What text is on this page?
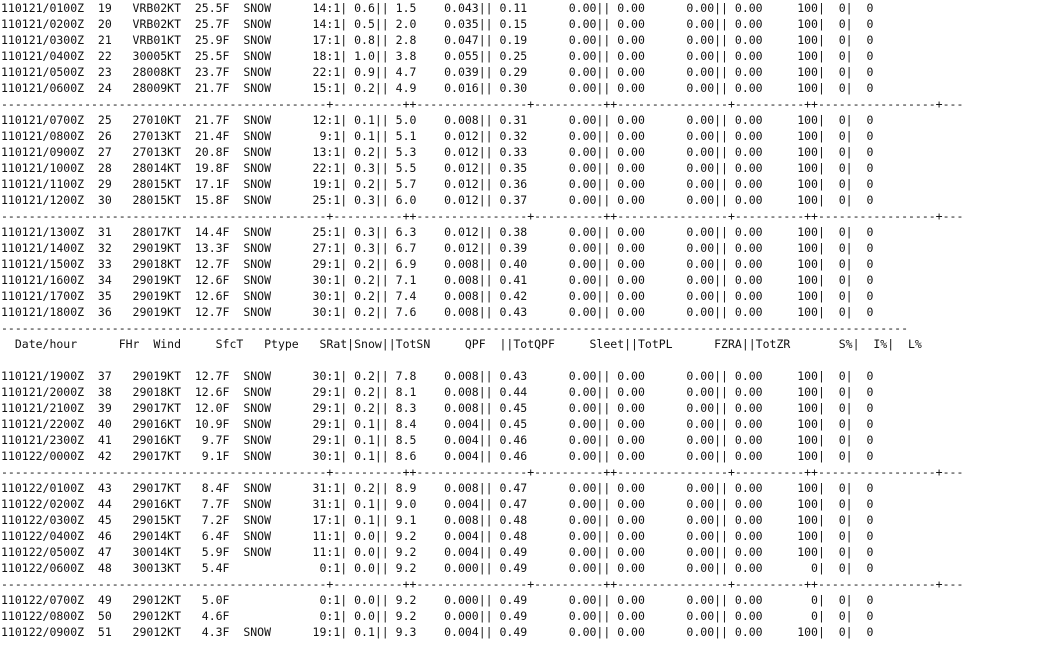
110121/0100Z  19   VRB02KT  25.5F  SNOW      14:1| 0.6|| 1.5    0.043|| 0.11      0.00|| 0.00      0.00|| 0.00     100|  0|  0
110121/0200Z  20   VRB02KT  25.7F  SNOW      14:1| 0.5|| 2.0    0.035|| 0.15      0.00|| 0.00      0.00|| 0.00     100|  0|  0
110121/0300Z  21   VRB01KT  25.9F  SNOW      17:1| 0.8|| 2.8    0.047|| 0.19      0.00|| 0.00      0.00|| 0.00     100|  0|  0
110121/0400Z  22   30005KT  25.5F  SNOW      18:1| 1.0|| 3.8    0.055|| 0.25      0.00|| 0.00      0.00|| 0.00     100|  0|  0
110121/0500Z  23   28008KT  23.7F  SNOW      22:1| 0.9|| 4.7    0.039|| 0.29      0.00|| 0.00      0.00|| 0.00     100|  0|  0
110121/0600Z  24   28009KT  21.7F  SNOW      15:1| 0.2|| 4.9    0.016|| 0.30      0.00|| 0.00      0.00|| 0.00     100|  0|  0
-----------------------------------------------+----------++----------------+----------++----------------+----------++-----------------+---
110121/0700Z  25   27010KT  21.7F  SNOW      12:1| 0.1|| 5.0    0.008|| 0.31      0.00|| 0.00      0.00|| 0.00     100|  0|  0
110121/0800Z  26   27013KT  21.4F  SNOW       9:1| 0.1|| 5.1    0.012|| 0.32      0.00|| 0.00      0.00|| 0.00     100|  0|  0
110121/0900Z  27   27013KT  20.8F  SNOW      13:1| 0.2|| 5.3    0.012|| 0.33      0.00|| 0.00      0.00|| 0.00     100|  0|  0
110121/1000Z  28   28014KT  19.8F  SNOW      22:1| 0.3|| 5.5    0.012|| 0.35      0.00|| 0.00      0.00|| 0.00     100|  0|  0
110121/1100Z  29   28015KT  17.1F  SNOW      19:1| 0.2|| 5.7    0.012|| 0.36      0.00|| 0.00      0.00|| 0.00     100|  0|  0
110121/1200Z  30   28015KT  15.8F  SNOW      25:1| 0.3|| 6.0    0.012|| 0.37      0.00|| 0.00      0.00|| 0.00     100|  0|  0
-----------------------------------------------+----------++----------------+----------++----------------+----------++-----------------+---
110121/1300Z  31   28017KT  14.4F  SNOW      25:1| 0.3|| 6.3    0.012|| 0.38      0.00|| 0.00      0.00|| 0.00     100|  0|  0
110121/1400Z  32   29019KT  13.3F  SNOW      27:1| 0.3|| 6.7    0.012|| 0.39      0.00|| 0.00      0.00|| 0.00     100|  0|  0
110121/1500Z  33   29018KT  12.7F  SNOW      29:1| 0.2|| 6.9    0.008|| 0.40      0.00|| 0.00      0.00|| 0.00     100|  0|  0
110121/1600Z  34   29019KT  12.6F  SNOW      30:1| 0.2|| 7.1    0.008|| 0.41      0.00|| 0.00      0.00|| 0.00     100|  0|  0
110121/1700Z  35   29019KT  12.6F  SNOW      30:1| 0.2|| 7.4    0.008|| 0.42      0.00|| 0.00      0.00|| 0.00     100|  0|  0
110121/1800Z  36   29019KT  12.7F  SNOW      30:1| 0.2|| 7.6    0.008|| 0.43      0.00|| 0.00      0.00|| 0.00     100|  0|  0
-----------------------------------------------------------------------------------------------------------------------------------
Date/hour      FHr  Wind     SfcT   Ptype   SRat|Snow||TotSN     QPF  ||TotQPF     Sleet||TotPL      FZRA||TotZR       S%|  I%|  L%
110121/1900Z  37   29019KT  12.7F  SNOW      30:1| 0.2|| 7.8    0.008|| 0.43      0.00|| 0.00      0.00|| 0.00     100|  0|  0
110121/2000Z  38   29018KT  12.6F  SNOW      29:1| 0.2|| 8.1    0.008|| 0.44      0.00|| 0.00      0.00|| 0.00     100|  0|  0
110121/2100Z  39   29017KT  12.0F  SNOW      29:1| 0.2|| 8.3    0.008|| 0.45      0.00|| 0.00      0.00|| 0.00     100|  0|  0
110121/2200Z  40   29016KT  10.9F  SNOW      29:1| 0.1|| 8.4    0.004|| 0.45      0.00|| 0.00      0.00|| 0.00     100|  0|  0
110121/2300Z  41   29016KT   9.7F  SNOW      29:1| 0.1|| 8.5    0.004|| 0.46      0.00|| 0.00      0.00|| 0.00     100|  0|  0
110122/0000Z  42   29017KT   9.1F  SNOW      30:1| 0.1|| 8.6    0.004|| 0.46      0.00|| 0.00      0.00|| 0.00     100|  0|  0
-----------------------------------------------+----------++----------------+----------++----------------+----------++-----------------+---
110122/0100Z  43   29017KT   8.4F  SNOW      31:1| 0.2|| 8.9    0.008|| 0.47      0.00|| 0.00      0.00|| 0.00     100|  0|  0
110122/0200Z  44   29016KT   7.7F  SNOW      31:1| 0.1|| 9.0    0.004|| 0.47      0.00|| 0.00      0.00|| 0.00     100|  0|  0
110122/0300Z  45   29015KT   7.2F  SNOW      17:1| 0.1|| 9.1    0.008|| 0.48      0.00|| 0.00      0.00|| 0.00     100|  0|  0
110122/0400Z  46   29014KT   6.4F  SNOW      11:1| 0.0|| 9.2    0.004|| 0.48      0.00|| 0.00      0.00|| 0.00     100|  0|  0
110122/0500Z  47   30014KT   5.9F  SNOW      11:1| 0.0|| 9.2    0.004|| 0.49      0.00|| 0.00      0.00|| 0.00     100|  0|  0
110122/0600Z  48   30013KT   5.4F             0:1| 0.0|| 9.2    0.000|| 0.49      0.00|| 0.00      0.00|| 0.00       0|  0|  0
-----------------------------------------------+----------++----------------+----------++----------------+----------++-----------------+---
110122/0700Z  49   29012KT   5.0F             0:1| 0.0|| 9.2    0.000|| 0.49      0.00|| 0.00      0.00|| 0.00       0|  0|  0
110122/0800Z  50   29012KT   4.6F             0:1| 0.0|| 9.2    0.000|| 0.49      0.00|| 0.00      0.00|| 0.00       0|  0|  0
110122/0900Z  51   29012KT   4.3F  SNOW      19:1| 0.1|| 9.3    0.004|| 0.49      0.00|| 0.00      0.00|| 0.00     100|  0|  0
